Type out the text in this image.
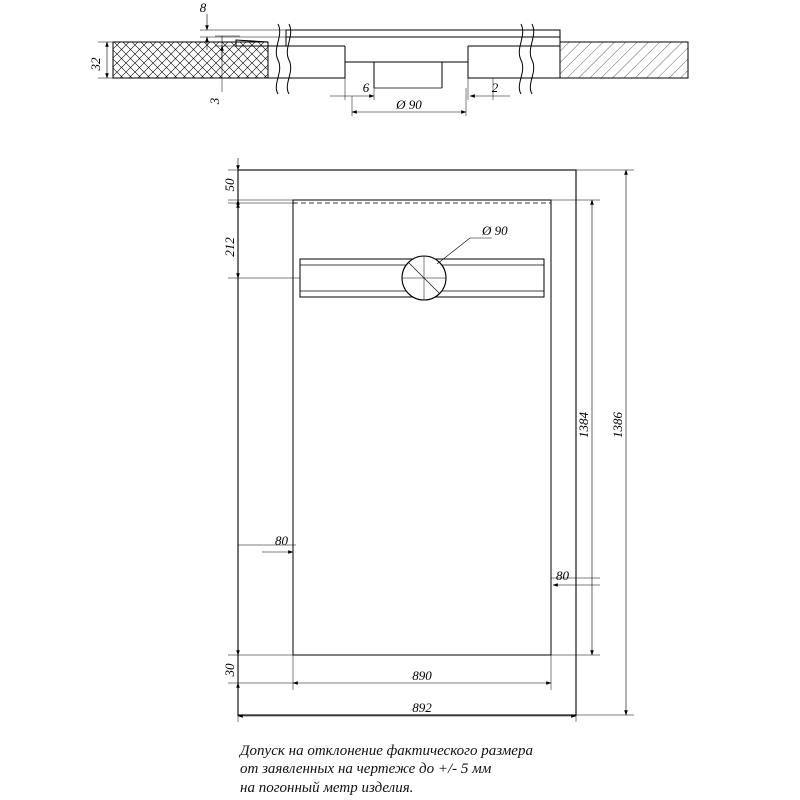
8
32
3
6	2
Ø 90
Ø 90
50
212
1384 1386
80
80
30	890
892
Допуск на отклонение фактического размера
от заявленных на чертеже до +/- 5 мм
на погонный метр изделия.
